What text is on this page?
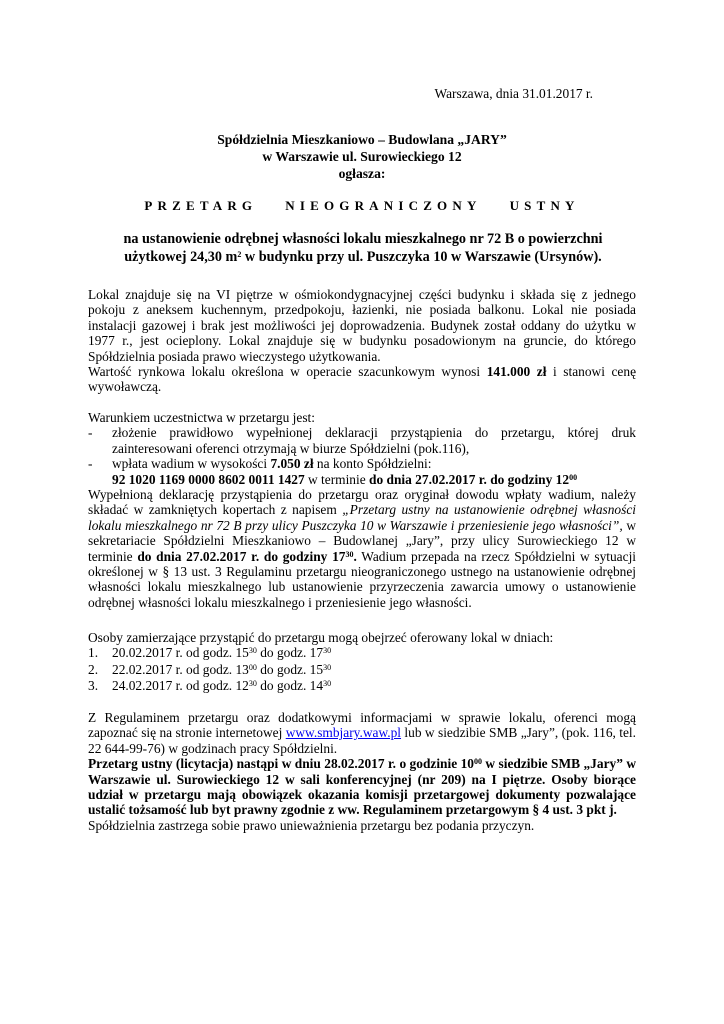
Warszawa, dnia 31.01.2017 r.
Spółdzielnia Mieszkaniowo – Budowlana „JARY”
w Warszawie ul. Surowieckiego 12
ogłasza:
PRZETARG NIEOGRANICZONY USTNY
na ustanowienie odrębnej własności lokalu mieszkalnego nr 72 B o powierzchni
użytkowej 24,30 $m^2$ w budynku przy ul. Puszczyka 10 w Warszawie (Ursynów).

Lokal znajduje się na VI piętrze w ośmiokondygnacyjnej części budynku i składa się z jednego pokoju z aneksem kuchennym, przedpokoju, łazienki, nie posiada balkonu. Lokal nie posiada instalacji gazowej i brak jest możliwości jej doprowadzenia. Budynek został oddany do użytku w 1977 r., jest ocieplony. Lokal znajduje się w budynku posadowionym na gruncie, do którego Spółdzielnia posiada prawo wieczystego użytkowania.

Wartość rynkowa lokalu określona w operacie szacunkowym wynosi 141.000 zł i stanowi cenę wywoławczą.

Warunkiem uczestnictwa w przetargu jest:

- złożenie prawidłowo wypełnionej deklaracji przystąpienia do przetargu, której druk zainteresowani oferenci otrzymają w biurze Spółdzielni (pok.116),
- wpłata wadium w wysokości 7.050 zł na konto Spółdzielni:
92 1020 1169 0000 8602 0011 1427 w terminie do dnia 27.02.2017 r. do godziny $12^{00}$

Wypełnioną deklarację przystąpienia do przetargu oraz oryginał dowodu wpłaty wadium, należy składać w zamkniętych kopertach z napisem „Przetarg ustny na ustanowienie odrębnej własności lokalu mieszkalnego nr 72 B przy ulicy Puszczyka 10 w Warszawie i przeniesienie jego własności”, w sekretariacie Spółdzielni Mieszkaniowo – Budowlanej „Jary”, przy ulicy Surowieckiego 12 w terminie do dnia 27.02.2017 r. do godziny $17^{30}$. Wadium przepada na rzecz Spółdzielni w sytuacji określonej w § 13 ust. 3 Regulaminu przetargu nieograniczonego ustnego na ustanowienie odrębnej własności lokalu mieszkalnego lub ustanowienie przyrzeczenia zawarcia umowy o ustanowienie odrębnej własności lokalu mieszkalnego i przeniesienie jego własności.

Osoby zamierzające przystąpić do przetargu mogą obejrzeć oferowany lokal w dniach:

1. 20.02.2017 r. od godz. $15^{30}$ do godz. $17^{30}$
2. 22.02.2017 r. od godz. $13^{00}$ do godz. $15^{30}$
3. 24.02.2017 r. od godz. $12^{30}$ do godz. $14^{30}$

Z Regulaminem przetargu oraz dodatkowymi informacjami w sprawie lokalu, oferenci mogą zapoznać się na stronie internetowej www.smbjary.waw.pl lub w siedzibie SMB „Jary”, (pok. 116, tel. 22 644-99-76) w godzinach pracy Spółdzielni.

Przetarg ustny (licytacja) nastąpi w dniu 28.02.2017 r. o godzinie $10^{00}$ w siedzibie SMB „Jary” w Warszawie ul. Surowieckiego 12 w sali konferencyjnej (nr 209) na I piętrze. Osoby biorące udział w przetargu mają obowiązek okazania komisji przetargowej dokumenty pozwalające ustalić tożsamość lub byt prawny zgodnie z ww. Regulaminem przetargowym § 4 ust. 3 pkt j.

Spółdzielnia zastrzega sobie prawo unieważnienia przetargu bez podania przyczyn.
